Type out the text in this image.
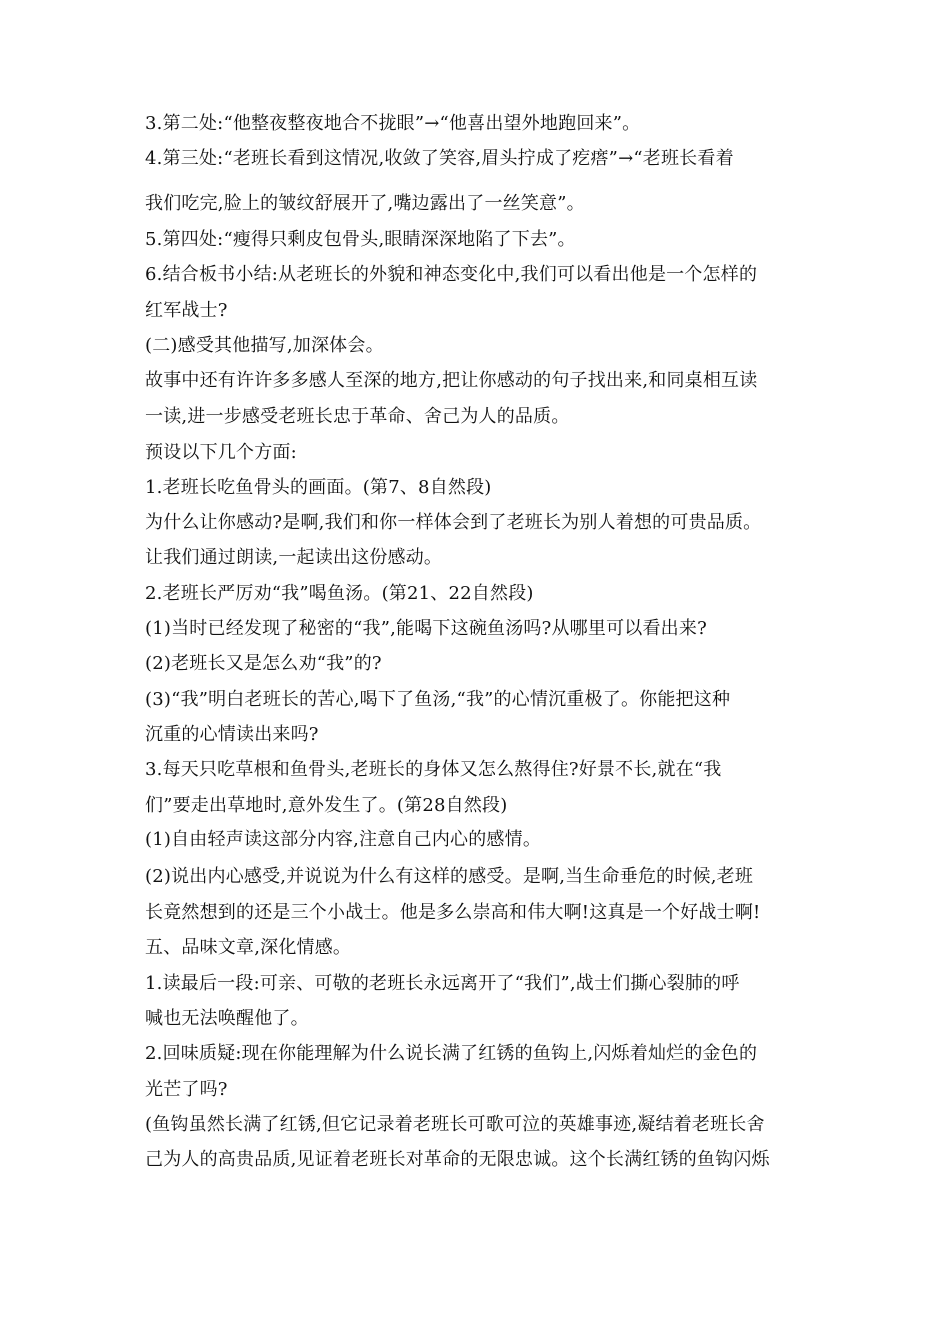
3.第二处:“他整夜整夜地合不拢眼”→“他喜出望外地跑回来”。
4.第三处:“老班长看到这情况,收敛了笑容,眉头拧成了疙瘩”→“老班长看着
我们吃完,脸上的皱纹舒展开了,嘴边露出了一丝笑意”。
5.第四处:“瘦得只剩皮包骨头,眼睛深深地陷了下去”。
6.结合板书小结:从老班长的外貌和神态变化中,我们可以看出他是一个怎样的
红军战士?
(二)感受其他描写,加深体会。
故事中还有许许多多感人至深的地方,把让你感动的句子找出来,和同桌相互读
一读,进一步感受老班长忠于革命、舍己为人的品质。
预设以下几个方面:
1.老班长吃鱼骨头的画面。(第7、8自然段)
为什么让你感动?是啊,我们和你一样体会到了老班长为别人着想的可贵品质。
让我们通过朗读,一起读出这份感动。
2.老班长严厉劝“我”喝鱼汤。(第21、22自然段)
(1)当时已经发现了秘密的“我”,能喝下这碗鱼汤吗?从哪里可以看出来?
(2)老班长又是怎么劝“我”的?
(3)“我”明白老班长的苦心,喝下了鱼汤,“我”的心情沉重极了。你能把这种
沉重的心情读出来吗?
3.每天只吃草根和鱼骨头,老班长的身体又怎么熬得住?好景不长,就在“我
们”要走出草地时,意外发生了。(第28自然段)
(1)自由轻声读这部分内容,注意自己内心的感情。
(2)说出内心感受,并说说为什么有这样的感受。是啊,当生命垂危的时候,老班
长竟然想到的还是三个小战士。他是多么崇高和伟大啊!这真是一个好战士啊!
五、品味文章,深化情感。
1.读最后一段:可亲、可敬的老班长永远离开了“我们”,战士们撕心裂肺的呼
喊也无法唤醒他了。
2.回味质疑:现在你能理解为什么说长满了红锈的鱼钩上,闪烁着灿烂的金色的
光芒了吗?
(鱼钩虽然长满了红锈,但它记录着老班长可歌可泣的英雄事迹,凝结着老班长舍
己为人的高贵品质,见证着老班长对革命的无限忠诚。这个长满红锈的鱼钩闪烁
